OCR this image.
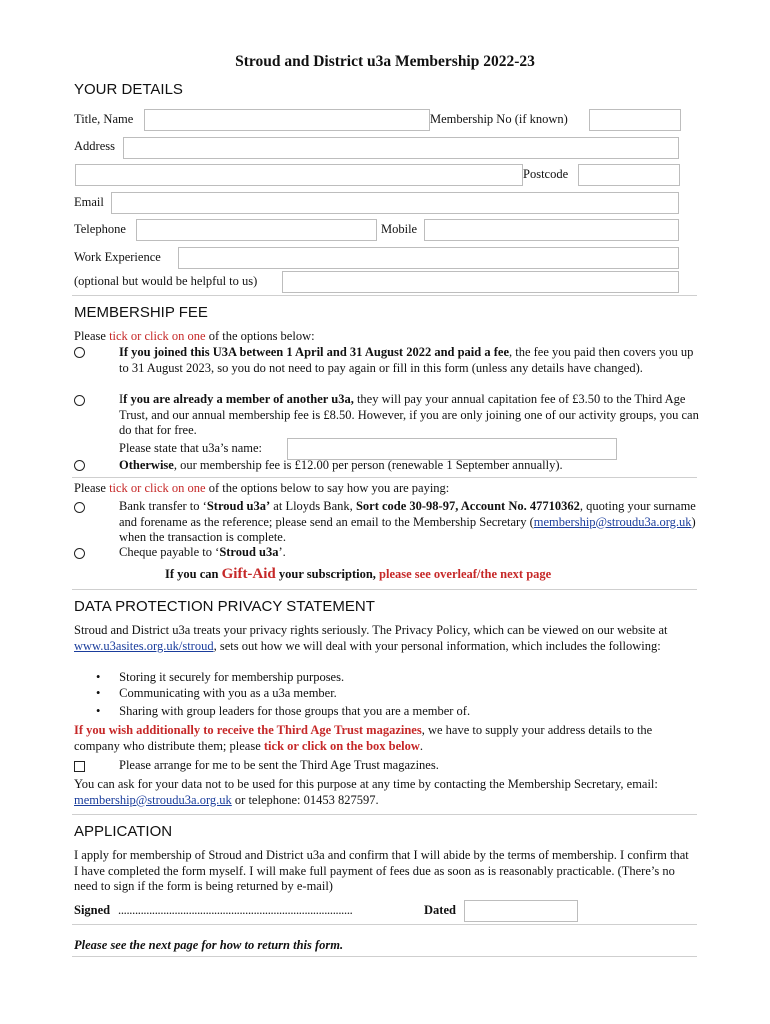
Stroud and District u3a Membership 2022-23
YOUR DETAILS
Title, Name	Membership No (if known)
Address
Postcode
Email
Telephone	Mobile
Work Experience
(optional but would be helpful to us)
MEMBERSHIP FEE
Please tick or click on one of the options below:
If you joined this U3A between 1 April and 31 August 2022 and paid a fee, the fee you paid then covers you up to 31 August 2023, so you do not need to pay again or fill in this form (unless any details have changed).
If you are already a member of another u3a, they will pay your annual capitation fee of £3.50 to the Third Age Trust, and our annual membership fee is £8.50. However, if you are only joining one of our activity groups, you can do that for free.
Please state that u3a’s name:
Otherwise, our membership fee is £12.00 per person (renewable 1 September annually).
Please tick or click on one of the options below to say how you are paying:
Bank transfer to ‘Stroud u3a’ at Lloyds Bank, Sort code 30-98-97, Account No. 47710362, quoting your surname and forename as the reference; please send an email to the Membership Secretary (membership@stroudu3a.org.uk) when the transaction is complete.
Cheque payable to ‘Stroud u3a’.
If you can Gift-Aid your subscription, please see overleaf/the next page
DATA PROTECTION PRIVACY STATEMENT
Stroud and District u3a treats your privacy rights seriously. The Privacy Policy, which can be viewed on our website at www.u3asites.org.uk/stroud, sets out how we will deal with your personal information, which includes the following:
•      Storing it securely for membership purposes.
•      Communicating with you as a u3a member.
•      Sharing with group leaders for those groups that you are a member of.
If you wish additionally to receive the Third Age Trust magazines, we have to supply your address details to the company who distribute them; please tick or click on the box below.
Please arrange for me to be sent the Third Age Trust magazines.
You can ask for your data not to be used for this purpose at any time by contacting the Membership Secretary, email: membership@stroudu3a.org.uk or telephone: 01453 827597.
APPLICATION
I apply for membership of Stroud and District u3a and confirm that I will abide by the terms of membership. I confirm that I have completed the form myself. I will make full payment of fees due as soon as is reasonably practicable. (There’s no need to sign if the form is being returned by e-mail)
Signed ...................................................................................	Dated
Please see the next page for how to return this form.
